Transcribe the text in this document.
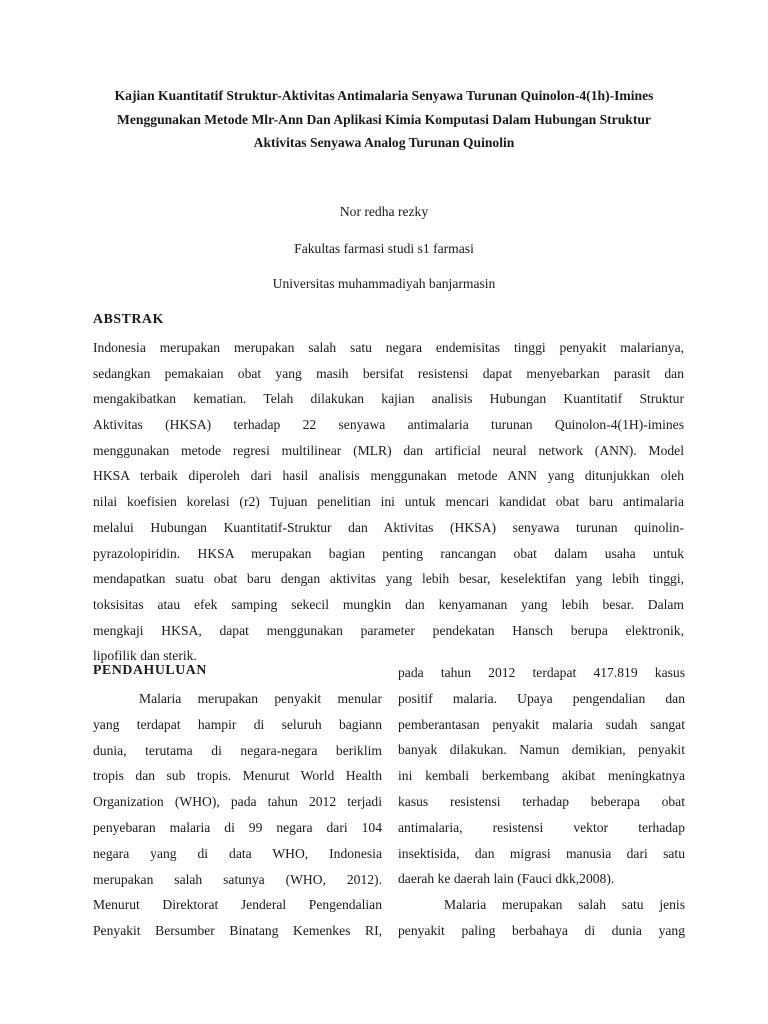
Kajian Kuantitatif Struktur-Aktivitas Antimalaria Senyawa Turunan Quinolon-4(1h)-Imines
Menggunakan Metode Mlr-Ann Dan Aplikasi Kimia Komputasi Dalam Hubungan Struktur
Aktivitas Senyawa Analog Turunan Quinolin
Nor redha rezky
Fakultas farmasi studi s1 farmasi
Universitas muhammadiyah banjarmasin
ABSTRAK
Indonesia merupakan merupakan salah satu negara endemisitas tinggi penyakit malarianya,
sedangkan pemakaian obat yang masih bersifat resistensi dapat menyebarkan parasit dan
mengakibatkan kematian. Telah dilakukan kajian analisis Hubungan Kuantitatif Struktur
Aktivitas (HKSA) terhadap 22 senyawa antimalaria turunan Quinolon-4(1H)-imines
menggunakan metode regresi multilinear (MLR) dan artificial neural network (ANN). Model
HKSA terbaik diperoleh dari hasil analisis menggunakan metode ANN yang ditunjukkan oleh
nilai koefisien korelasi (r2) Tujuan penelitian ini untuk mencari kandidat obat baru antimalaria
melalui Hubungan Kuantitatif-Struktur dan Aktivitas (HKSA) senyawa turunan quinolin-
pyrazolopiridin. HKSA merupakan bagian penting rancangan obat dalam usaha untuk
mendapatkan suatu obat baru dengan aktivitas yang lebih besar, keselektifan yang lebih tinggi,
toksisitas atau efek samping sekecil mungkin dan kenyamanan yang lebih besar. Dalam
mengkaji HKSA, dapat menggunakan parameter pendekatan Hansch berupa elektronik,
lipofilik dan sterik.
PENDAHULUAN
Malaria merupakan penyakit menular
yang terdapat hampir di seluruh bagiann
dunia, terutama di negara-negara beriklim
tropis dan sub tropis. Menurut World Health
Organization (WHO), pada tahun 2012 terjadi
penyebaran malaria di 99 negara dari 104
negara yang di data WHO, Indonesia
merupakan salah satunya (WHO, 2012).
Menurut Direktorat Jenderal Pengendalian
Penyakit Bersumber Binatang Kemenkes RI,
pada tahun 2012 terdapat 417.819 kasus
positif malaria. Upaya pengendalian dan
pemberantasan penyakit malaria sudah sangat
banyak dilakukan. Namun demikian, penyakit
ini kembali berkembang akibat meningkatnya
kasus resistensi terhadap beberapa obat
antimalaria, resistensi vektor terhadap
insektisida, dan migrasi manusia dari satu
daerah ke daerah lain (Fauci dkk,2008).
Malaria merupakan salah satu jenis
penyakit paling berbahaya di dunia yang
